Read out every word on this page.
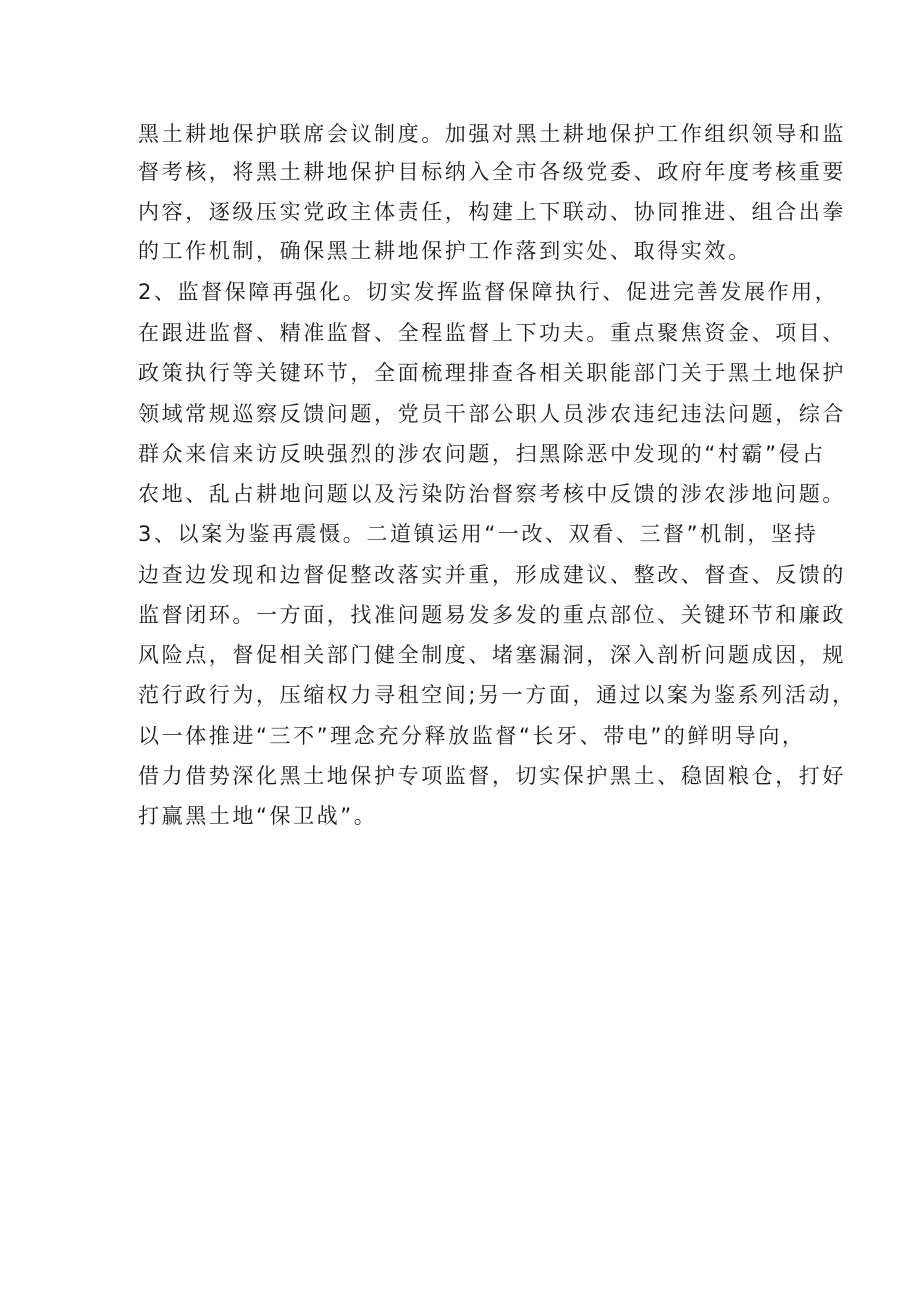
黑土耕地保护联席会议制度。加强对黑土耕地保护工作组织领导和监
督考核，将黑土耕地保护目标纳入全市各级党委、政府年度考核重要
内容，逐级压实党政主体责任，构建上下联动、协同推进、组合出拳
的工作机制，确保黑土耕地保护工作落到实处、取得实效。
2、监督保障再强化。切实发挥监督保障执行、促进完善发展作用，
在跟进监督、精准监督、全程监督上下功夫。重点聚焦资金、项目、
政策执行等关键环节，全面梳理排查各相关职能部门关于黑土地保护
领域常规巡察反馈问题，党员干部公职人员涉农违纪违法问题，综合
群众来信来访反映强烈的涉农问题，扫黑除恶中发现的“村霸”侵占
农地、乱占耕地问题以及污染防治督察考核中反馈的涉农涉地问题。
3、以案为鉴再震慑。二道镇运用“一改、双看、三督”机制，坚持
边查边发现和边督促整改落实并重，形成建议、整改、督查、反馈的
监督闭环。一方面，找准问题易发多发的重点部位、关键环节和廉政
风险点，督促相关部门健全制度、堵塞漏洞，深入剖析问题成因，规
范行政行为，压缩权力寻租空间;另一方面，通过以案为鉴系列活动，
以一体推进“三不”理念充分释放监督“长牙、带电”的鲜明导向，
借力借势深化黑土地保护专项监督，切实保护黑土、稳固粮仓，打好
打赢黑土地“保卫战”。
